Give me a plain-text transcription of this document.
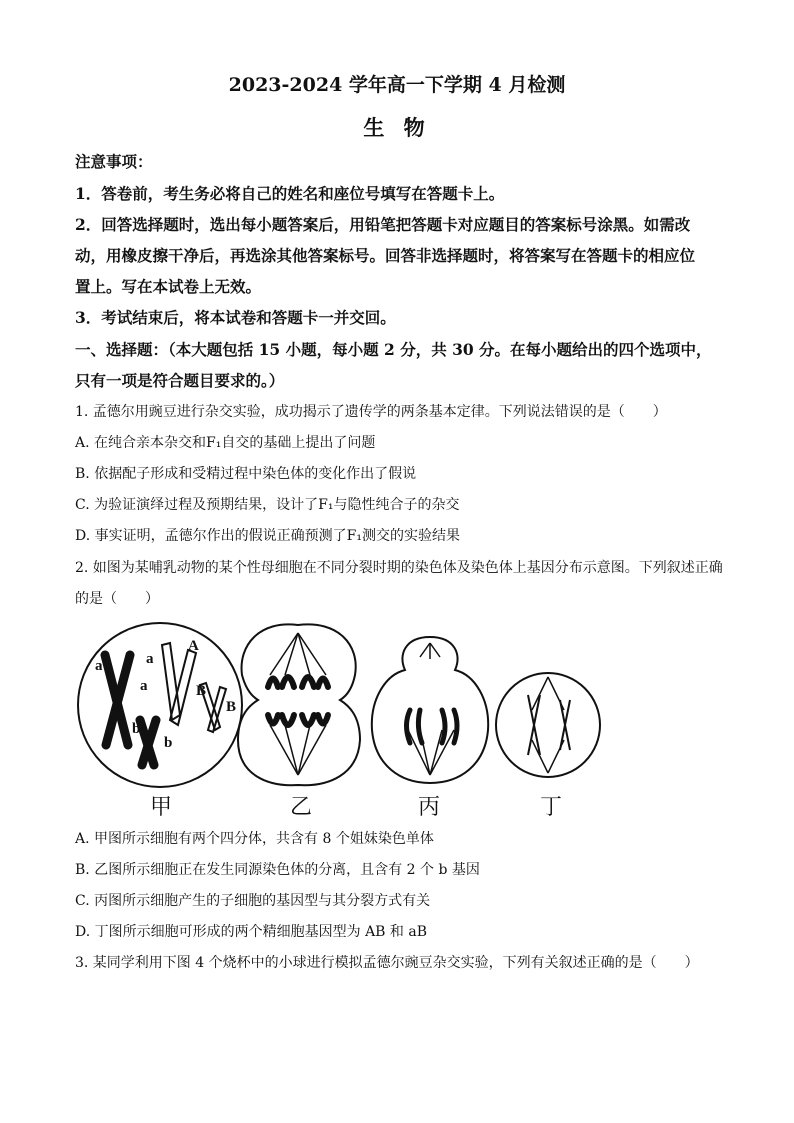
2023-2024 学年高一下学期 4 月检测
生 物
注意事项：
1．答卷前，考生务必将自己的姓名和座位号填写在答题卡上。
2．回答选择题时，选出每小题答案后，用铅笔把答题卡对应题目的答案标号涂黑。如需改
动，用橡皮擦干净后，再选涂其他答案标号。回答非选择题时，将答案写在答题卡的相应位
置上。写在本试卷上无效。
3．考试结束后，将本试卷和答题卡一并交回。
一、选择题：（本大题包括 15 小题，每小题 2 分，共 30 分。在每小题给出的四个选项中，
只有一项是符合题目要求的。）
1. 孟德尔用豌豆进行杂交实验，成功揭示了遗传学的两条基本定律。下列说法错误的是（　　）
A. 在纯合亲本杂交和F₁自交的基础上提出了问题
B. 依据配子形成和受精过程中染色体的变化作出了假说
C. 为验证演绎过程及预期结果，设计了F₁与隐性纯合子的杂交
D. 事实证明，孟德尔作出的假说正确预测了F₁测交的实验结果
2. 如图为某哺乳动物的某个性母细胞在不同分裂时期的染色体及染色体上基因分布示意图。下列叙述正确
的是（　　）
a
a
a
A
B
B
b
b
甲	乙	丙	丁
A. 甲图所示细胞有两个四分体，共含有 8 个姐妹染色单体
B. 乙图所示细胞正在发生同源染色体的分离，且含有 2 个 b 基因
C. 丙图所示细胞产生的子细胞的基因型与其分裂方式有关
D. 丁图所示细胞可形成的两个精细胞基因型为 AB 和 aB
3. 某同学利用下图 4 个烧杯中的小球进行模拟孟德尔豌豆杂交实验，下列有关叙述正确的是（　　）
